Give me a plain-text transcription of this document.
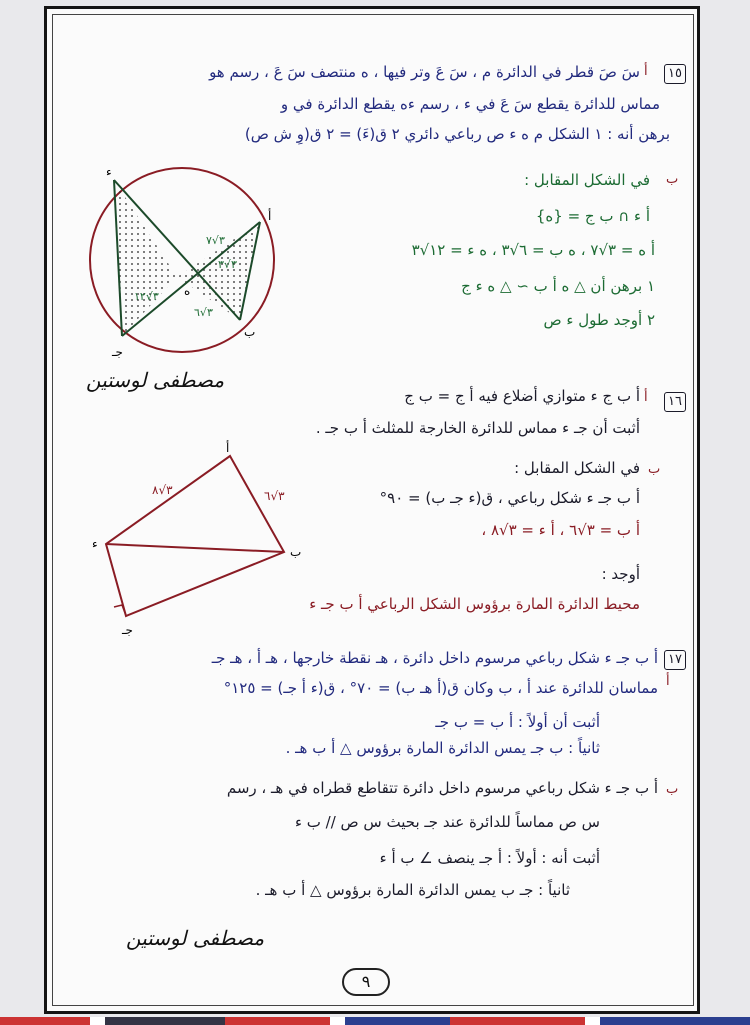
١٥
أ
سَ صَ قطر في الدائرة م ، سَ عَ وتر فيها ، ه منتصف سَ عَ ، رسم هو
مماس للدائرة يقطع سَ عَ في ء ، رسم ءه يقطع الدائرة في و
برهن أنه : ١ الشكل م ه ء ص رباعي دائري ٢ ق(ءَ) = ٢ ق(وِ ش ص)
ب
في الشكل المقابل :
أ ء ∩ ب ج = {ه}
أ ه = ٣√٧ ، ه ب = ٦√٣ ، ه ء = ١٢√٣
١ برهن أن △ ه أ ب ∼ △ ه ء ج
٢ أوجد طول ء ص
ء
أ
ب
ه
جـ
٣√٧
٣√٣
٣√١٢
٣√٦
مصطفى لوستين
١٦
أ
أ ب ج ء متوازي أضلاع فيه أ ج = ب ج
أثبت أن جـ ء مماس للدائرة الخارجة للمثلث أ ب جـ .
ب
في الشكل المقابل :
أ ب جـ ء شكل رباعي ، ق(ء جـ ب) = ٩٠°
أ ب = ٣√٦ ، أ ء = ٣√٨ ،
أوجد :
محيط الدائرة المارة برؤوس الشكل الرباعي أ ب جـ ء
أ
ب
جـ
ء
٣√٨	٣√٦
١٧
أ
أ ب جـ ء شكل رباعي مرسوم داخل دائرة ، هـ نقطة خارجها ، هـ أ ، هـ جـ
مماسان للدائرة عند أ ، ب وكان ق(أ هـ ب) = ٧٠° ، ق(ء أ جـ) = ١٢٥°
أثبت أن أولاً : أ ب = ب جـ
ثانياً : ب جـ يمس الدائرة المارة برؤوس △ أ ب هـ .
ب
أ ب جـ ء شكل رباعي مرسوم داخل دائرة تتقاطع قطراه في هـ ، رسم
س ص مماساً للدائرة عند جـ بحيث س ص // ب ء
أثبت أنه : أولاً : أ جـ ينصف ∠ ب أ ء
ثانياً : جـ ب يمس الدائرة المارة برؤوس △ أ ب هـ .
مصطفى لوستين
٩
